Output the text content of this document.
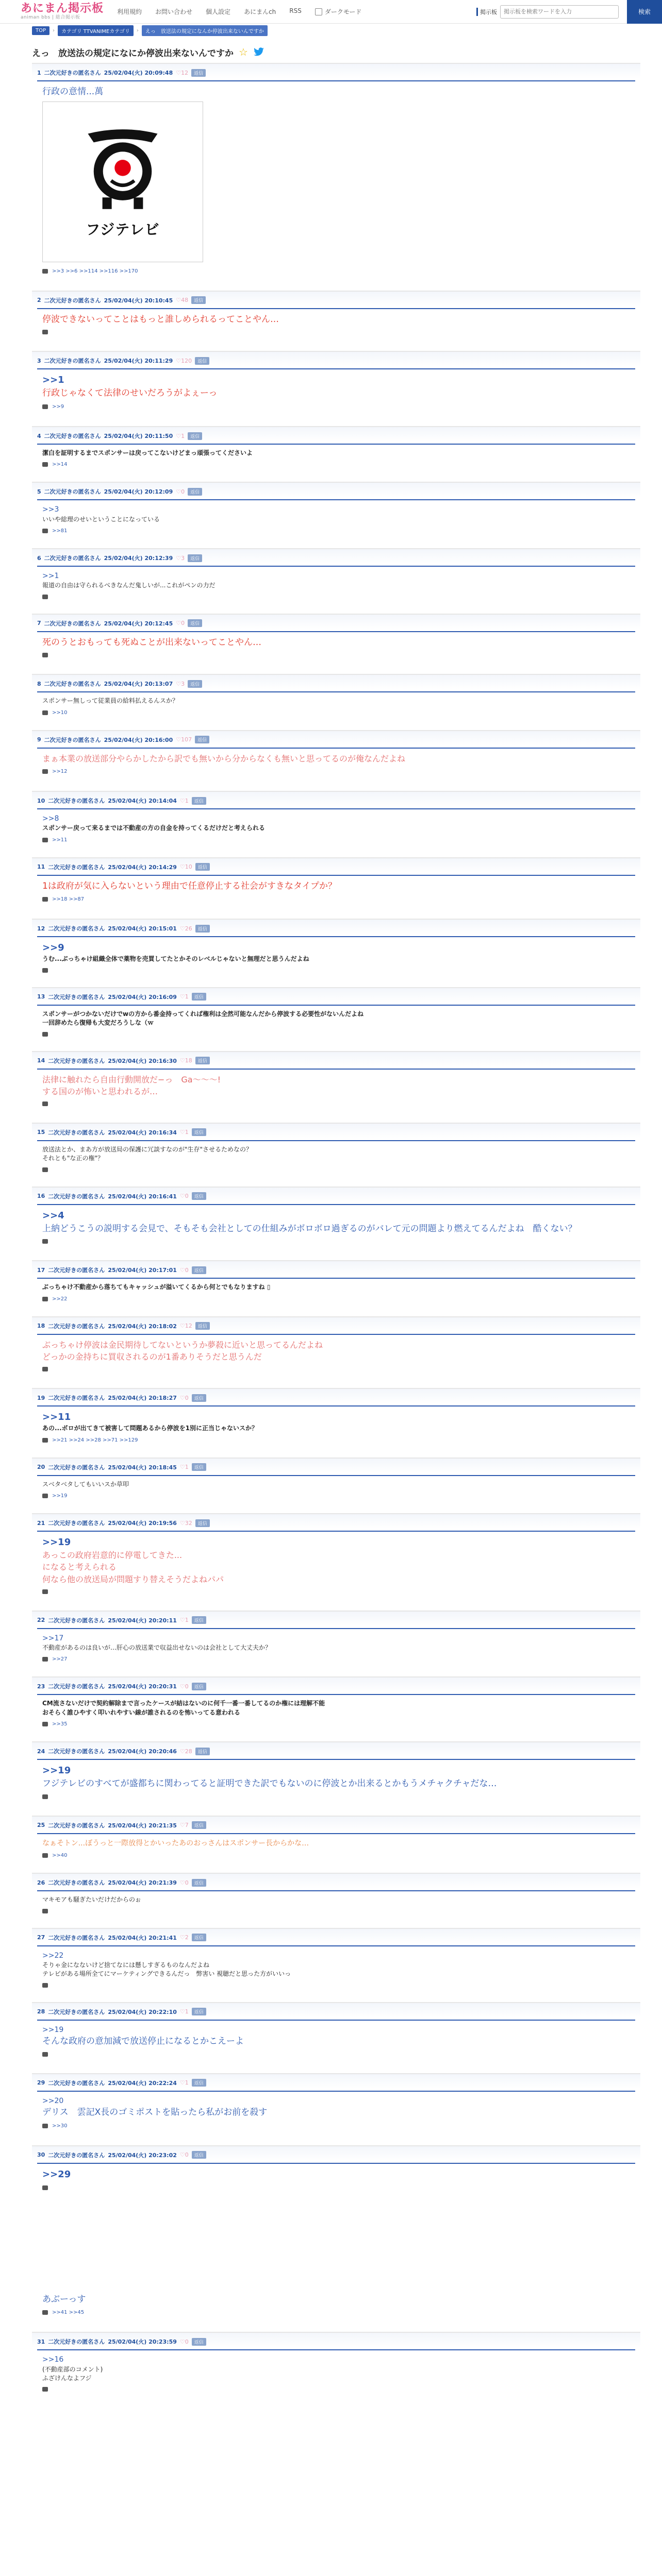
あにまん掲示板
animan bbs | 総合掲示板
利用規約 お問い合わせ 個人設定 あにまんch RSS	ダークモード	掲示板
掲示板を検索ワードを入力	検索
TOP	›	カテゴリ TTVANIMEカテゴリ	›	えっ　放送法の規定になんか停波出来ないんですか
えっ　放送法の規定になにか停波出来ないんですか ☆
1 二次元好きの匿名さん 25/02/04(火) 20:09:48 ♡12	返信
行政の意情...萬
フジテレビ
>>3 >>6 >>114 >>116 >>170
2 二次元好きの匿名さん 25/02/04(火) 20:10:45 ♡48	返信
停波できないってことはもっと誰しめられるってことやん…
3 二次元好きの匿名さん 25/02/04(火) 20:11:29 ♡120	返信
>>1
行政じゃなくて法律のせいだろうがよぇーっ
>>9
4 二次元好きの匿名さん 25/02/04(火) 20:11:50 ♡1	返信
潔白を証明するまでスポンサーは戻ってこないけどまっ頑張ってくださいよ
>>14
5 二次元好きの匿名さん 25/02/04(火) 20:12:09 ♡0	返信
>>3
いいや総理のせいということになっている
>>81
6 二次元好きの匿名さん 25/02/04(火) 20:12:39 ♡3	返信
>>1
報道の自由は守られるべきなんだ鬼しいが...これがペンの力だ
7 二次元好きの匿名さん 25/02/04(火) 20:12:45 ♡0	返信
死のうとおもっても死ぬことが出来ないってことやん…
8 二次元好きの匿名さん 25/02/04(火) 20:13:07 ♡3	返信
スポンサー無しって従業員の給料払えるんスか？
>>10
9 二次元好きの匿名さん 25/02/04(火) 20:16:00 ♡107	返信
まぁ本業の放送部分やらかしたから訳でも無いから分からなくも無いと思ってるのが俺なんだよね
>>12
10 二次元好きの匿名さん 25/02/04(火) 20:14:04 ♡1	返信
>>8
スポンサー戻って来るまでは不動産の方の自金を持ってくるだけだと考えられる
>>11
11 二次元好きの匿名さん 25/02/04(火) 20:14:29 ♡10	返信
1は政府が気に入らないという理由で任意停止する社会がすきなタイプか？
>>18 >>87
12 二次元好きの匿名さん 25/02/04(火) 20:15:01 ♡26	返信
>>9
うむ...ぶっちゃけ組織全体で薬物を売買してたとかそのレベルじゃないと無理だと思うんだよね
13 二次元好きの匿名さん 25/02/04(火) 20:16:09 ♡1	返信
スポンサーがつかないだけでwの方から番金持ってくれば権利は全然可能なんだから停波する必要性がないんだよね
一回辞めたら復帰も大変だろうしな（ｗ
14 二次元好きの匿名さん 25/02/04(火) 20:16:30 ♡18	返信
法律に触れたら自由行動開放だ−っ　Ga〜〜〜!
する国のが怖いと思われるが…
15 二次元好きの匿名さん 25/02/04(火) 20:16:34 ♡1	返信
放送法とか、まあ方が放送局の保護に冗談すなのが"生存"させるためなの？
それとも"な正の権"？
16 二次元好きの匿名さん 25/02/04(火) 20:16:41 ♡0	返信
>>4
上納どうこうの説明する会見で、そもそも会社としての仕組みがボロボロ過ぎるのがバレて元の問題より燃えてるんだよね　酷くない？
17 二次元好きの匿名さん 25/02/04(火) 20:17:01 ♡0	返信
ぶっちゃけ不動産から落ちてもキャッシュが溢いてくるから何とでもなりますね ▯
>>22
18 二次元好きの匿名さん 25/02/04(火) 20:18:02 ♡12	返信
ぶっちゃけ停波は金民期待してないというか夢殺に近いと思ってるんだよね
どっかの金持ちに買収されるのが1番ありそうだと思うんだ
19 二次元好きの匿名さん 25/02/04(火) 20:18:27 ♡0	返信
>>11
あの...ボロが出てきて被害して問題あるから停波を1別に正当じゃないスか？
>>21 >>24 >>28 >>71 >>129
20 二次元好きの匿名さん 25/02/04(火) 20:18:45 ♡1	返信
スベタベタしてもいいスか草叩
>>19
21 二次元好きの匿名さん 25/02/04(火) 20:19:56 ♡32	返信
>>19
あっこの政府岩意的に停電してきた...
になると考えられる
何なら他の放送局が問題すり替えそうだよねパパ
22 二次元好きの匿名さん 25/02/04(火) 20:20:11 ♡1	返信
>>17
不動産があるのは良いが…肝心の放送業で収益出せないのは会社として大丈夫か？
>>27
23 二次元好きの匿名さん 25/02/04(火) 20:20:31 ♡0	返信
CM流さないだけで契約解除まで言ったケースが結はないのに何千一番一番してるのか権には理解不能
おそらく誰ひやすく叩いれやすい線が誰されるのを怖いってる意われる
>>35
24 二次元好きの匿名さん 25/02/04(火) 20:20:46 ♡28	返信
>>19
フジテレビのすべてが盛都ちに関わってると証明できた訳でもないのに停波とか出来るとかもうメチャクチャだな…
25 二次元好きの匿名さん 25/02/04(火) 20:21:35 ♡7	返信
なぁそトン...ぼうっと一際放得とかいったあのおっさんはスポンサー長からかな…
>>40
26 二次元好きの匿名さん 25/02/04(火) 20:21:39 ♡0	返信
マキモアも騒ぎたいだけだからのぉ
27 二次元好きの匿名さん 25/02/04(火) 20:21:41 ♡2	返信
>>22
そりゃ金になないけど捨てなには懸しすぎるものなんだよね
テレビがある場所全てにマーケティングできるんだっ　弊害い 視聴だと思った方がいいっ
28 二次元好きの匿名さん 25/02/04(火) 20:22:10 ♡1	返信
>>19
そんな政府の意加減で放送停止になるとかこえーよ
29 二次元好きの匿名さん 25/02/04(火) 20:22:24 ♡1	返信
>>20
デリス　雲記X長のゴミポストを貼ったら私がお前を殺す
>>30
30 二次元好きの匿名さん 25/02/04(火) 20:23:02 ♡0	返信
>>29
あぶーっす
>>41 >>45
31 二次元好きの匿名さん 25/02/04(火) 20:23:59 ♡0	返信
>>16
(不動産部のコメント)
ふざけんなよフジ
